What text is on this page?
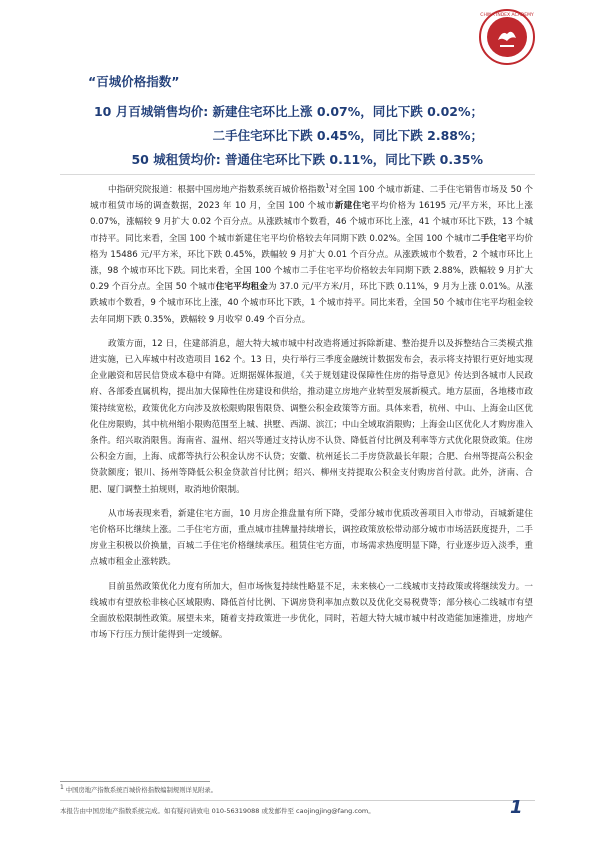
CHINA INDEX ACADEMY
“百城价格指数”
10 月百城销售均价: 新建住宅环比上涨 0.07%，同比下跌 0.02%；
二手住宅环比下跌 0.45%，同比下跌 2.88%；
50 城租赁均价: 普通住宅环比下跌 0.11%，同比下跌 0.35%

中指研究院报道：根据中国房地产指数系统百城价格指数$^1$对全国 100 个城市新建、二手住宅销售市场及 50 个城市租赁市场的调查数据，2023 年 10 月，全国 100 个城市新建住宅平均价格为 16195 元/平方米，环比上涨 0.07%，涨幅较 9 月扩大 0.02 个百分点。从涨跌城市个数看，46 个城市环比上涨，41 个城市环比下跌，13 个城市持平。同比来看，全国 100 个城市新建住宅平均价格较去年同期下跌 0.02%。全国 100 个城市二手住宅平均价格为 15486 元/平方米，环比下跌 0.45%，跌幅较 9 月扩大 0.01 个百分点。从涨跌城市个数看，2 个城市环比上涨，98 个城市环比下跌。同比来看，全国 100 个城市二手住宅平均价格较去年同期下跌 2.88%，跌幅较 9 月扩大 0.29 个百分点。全国 50 个城市住宅平均租金为 37.0 元/平方米/月，环比下跌 0.11%，9 月为上涨 0.01%。从涨跌城市个数看，9 个城市环比上涨，40 个城市环比下跌，1 个城市持平。同比来看，全国 50 个城市住宅平均租金较去年同期下跌 0.35%，跌幅较 9 月收窄 0.49 个百分点。

政策方面，12 日，住建部消息，超大特大城市城中村改造将通过拆除新建、整治提升以及拆整结合三类模式推进实施，已入库城中村改造项目 162 个。13 日，央行举行三季度金融统计数据发布会，表示将支持银行更好地实现企业融资和居民信贷成本稳中有降。近期据媒体报道，《关于规划建设保障性住房的指导意见》传达到各城市人民政府、各部委直属机构，提出加大保障性住房建设和供给，推动建立房地产业转型发展新模式。地方层面，各地楼市政策持续宽松，政策优化方向涉及放松限购限售限贷、调整公积金政策等方面。具体来看，杭州、中山、上海金山区优化住房限购，其中杭州缩小限购范围至上城、拱墅、西湖、滨江；中山全域取消限购；上海金山区优化人才购房准入条件。绍兴取消限售。海南省、温州、绍兴等通过支持认房不认贷、降低首付比例及利率等方式优化限贷政策。住房公积金方面，上海、成都等执行公积金认房不认贷；安徽、杭州延长二手房贷款最长年限；合肥、台州等提高公积金贷款额度；银川、扬州等降低公积金贷款首付比例；绍兴、柳州支持提取公积金支付购房首付款。此外，济南、合肥、厦门调整土拍规则，取消地价限制。

从市场表现来看，新建住宅方面，10 月房企推盘量有所下降，受部分城市优质改善项目入市带动，百城新建住宅价格环比继续上涨。二手住宅方面，重点城市挂牌量持续增长，调控政策放松带动部分城市市场活跃度提升，二手房业主积极以价换量，百城二手住宅价格继续承压。租赁住宅方面，市场需求热度明显下降，行业逐步迈入淡季，重点城市租金止涨转跌。

目前虽然政策优化力度有所加大，但市场恢复持续性略显不足，未来核心一二线城市支持政策或将继续发力。一线城市有望放松非核心区域限购、降低首付比例、下调房贷利率加点数以及优化交易税费等；部分核心二线城市有望全面放松限制性政策。展望未来，随着支持政策进一步优化，同时，若超大特大城市城中村改造能加速推进，房地产市场下行压力预计能得到一定缓解。

$^1$ 中国房地产指数系统百城价格指数编制规则详见附录。
本报告由中国房地产指数系统完成。如有疑问请致电 010-56319088 或发邮件至 caojingjing@fang.com。	1
